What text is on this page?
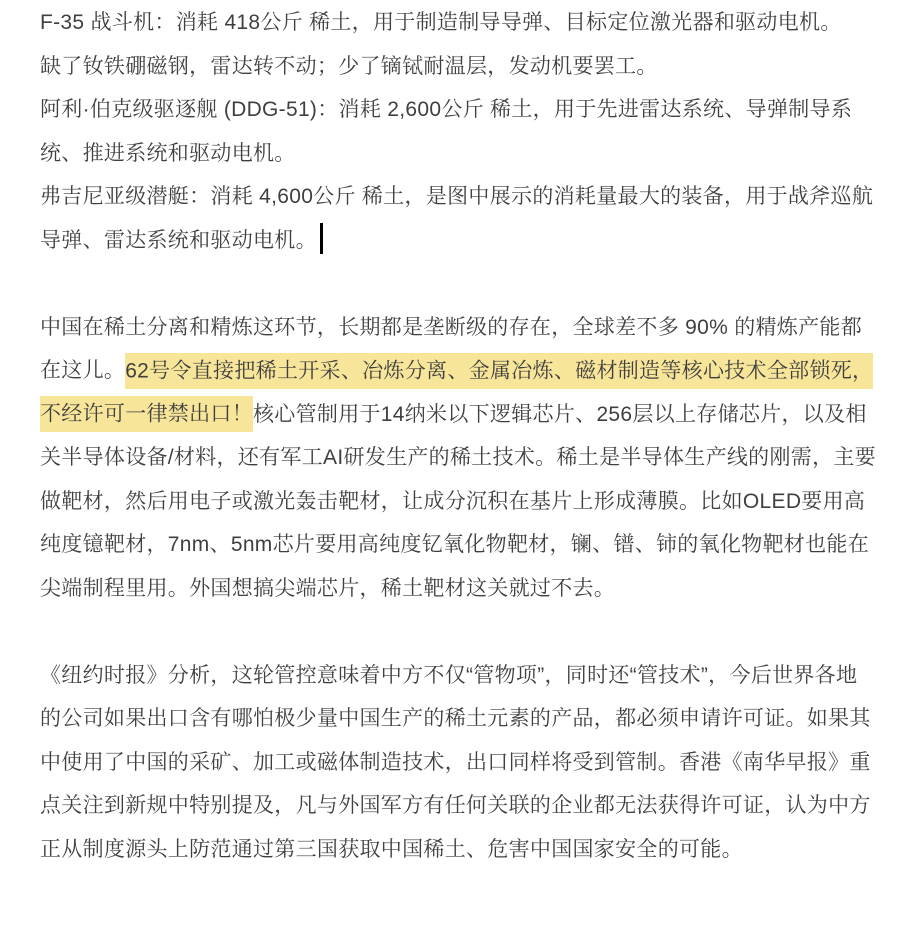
F-35 战斗机：消耗 418公斤 稀土，用于制造制导导弹、目标定位激光器和驱动电机。

缺了钕铁硼磁钢，雷达转不动；少了镝铽耐温层，发动机要罢工。

阿利·伯克级驱逐舰 (DDG-51)：消耗 2,600公斤 稀土，用于先进雷达系统、导弹制导系统、推进系统和驱动电机。

弗吉尼亚级潜艇：消耗 4,600公斤 稀土，是图中展示的消耗量最大的装备，用于战斧巡航导弹、雷达系统和驱动电机。

中国在稀土分离和精炼这环节，长期都是垄断级的存在，全球差不多 90% 的精炼产能都在这儿。62号令直接把稀土开采、冶炼分离、金属冶炼、磁材制造等核心技术全部锁死，不经许可一律禁出口！核心管制用于14纳米以下逻辑芯片、256层以上存储芯片，以及相关半导体设备/材料，还有军工AI研发生产的稀土技术。稀土是半导体生产线的刚需，主要做靶材，然后用电子或激光轰击靶材，让成分沉积在基片上形成薄膜。比如OLED要用高纯度镱靶材，7nm、5nm芯片要用高纯度钇氧化物靶材，镧、镨、铈的氧化物靶材也能在尖端制程里用。外国想搞尖端芯片，稀土靶材这关就过不去。

《纽约时报》分析，这轮管控意味着中方不仅“管物项”，同时还“管技术”，今后世界各地的公司如果出口含有哪怕极少量中国生产的稀土元素的产品，都必须申请许可证。如果其中使用了中国的采矿、加工或磁体制造技术，出口同样将受到管制。香港《南华早报》重点关注到新规中特别提及，凡与外国军方有任何关联的企业都无法获得许可证，认为中方正从制度源头上防范通过第三国获取中国稀土、危害中国国家安全的可能。
